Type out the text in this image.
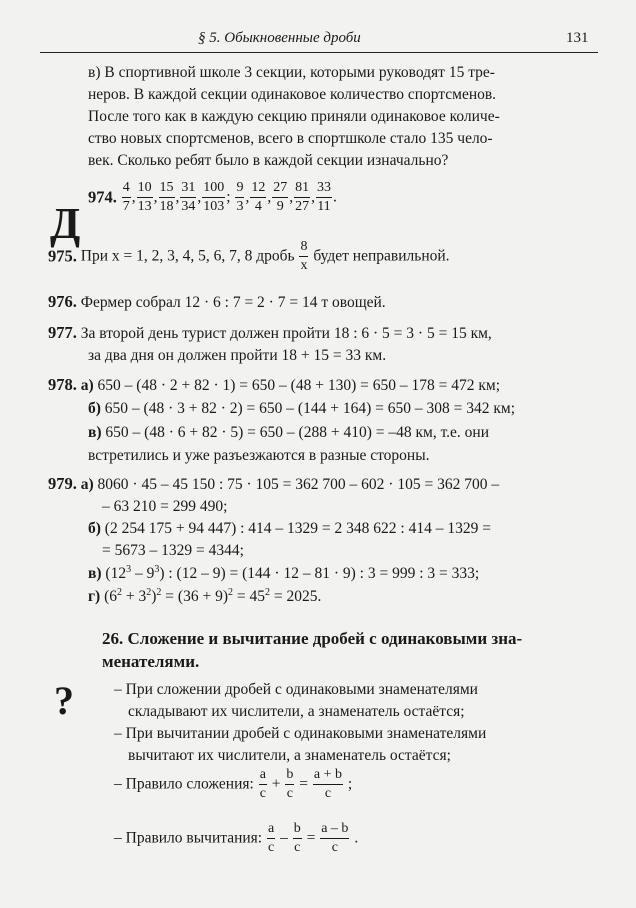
§ 5. Обыкновенные дроби	131
в) В спортивной школе 3 секции, которыми руководят 15 тре-
неров. В каждой секции одинаковое количество спортсменов.
После того как в каждую секцию приняли одинаковое количе-
ство новых спортсменов, всего в спортшколе стало 135 чело-
век. Сколько ребят было в каждой секции изначально?
974. $\frac{4}{7}$ , $\frac{10}{13}$ , $\frac{15}{18}$ , $\frac{31}{34}$ , $\frac{100}{103}$ ; $\frac{9}{3}$ , $\frac{12}{4}$ , $\frac{27}{9}$ , $\frac{81}{27}$ , $\frac{33}{11}$ .
Д
975. При x = 1, 2, 3, 4, 5, 6, 7, 8 дробь $\frac{8}{x}$ будет неправильной.
976. Фермер собрал 12 · 6 : 7 = 2 · 7 = 14 т овощей.
977. За второй день турист должен пройти 18 : 6 · 5 = 3 · 5 = 15 км,
за два дня он должен пройти 18 + 15 = 33 км.
978. а) 650 – (48 · 2 + 82 · 1) = 650 – (48 + 130) = 650 – 178 = 472 км;
б) 650 – (48 · 3 + 82 · 2) = 650 – (144 + 164) = 650 – 308 = 342 км;
в) 650 – (48 · 6 + 82 · 5) = 650 – (288 + 410) = –48 км, т.е. они
встретились и уже разъезжаются в разные стороны.
979. а) 8060 · 45 – 45 150 : 75 · 105 = 362 700 – 602 · 105 = 362 700 –
– 63 210 = 299 490;
б) (2 254 175 + 94 447) : 414 – 1329 = 2 348 622 : 414 – 1329 =
= 5673 – 1329 = 4344;
в) $(12^3 - 9^3)$ : (12 – 9) = (144 · 12 – 81 · 9) : 3 = 999 : 3 = 333;
г) $(6^2 + 3^2)^2 = (36 + 9)^2 = 45^2 = 2025$.
26. Сложение и вычитание дробей с одинаковыми зна-
менателями.
?	– При сложении дробей с одинаковыми знаменателями
складывают их числители, а знаменатель остаётся;
– При вычитании дробей с одинаковыми знаменателями
вычитают их числители, а знаменатель остаётся;
– Правило сложения: $\frac{a}{c} + \frac{b}{c} = \frac{a + b}{c}$ ;
– Правило вычитания: $\frac{a}{c} - \frac{b}{c} = \frac{a - b}{c}$ .
